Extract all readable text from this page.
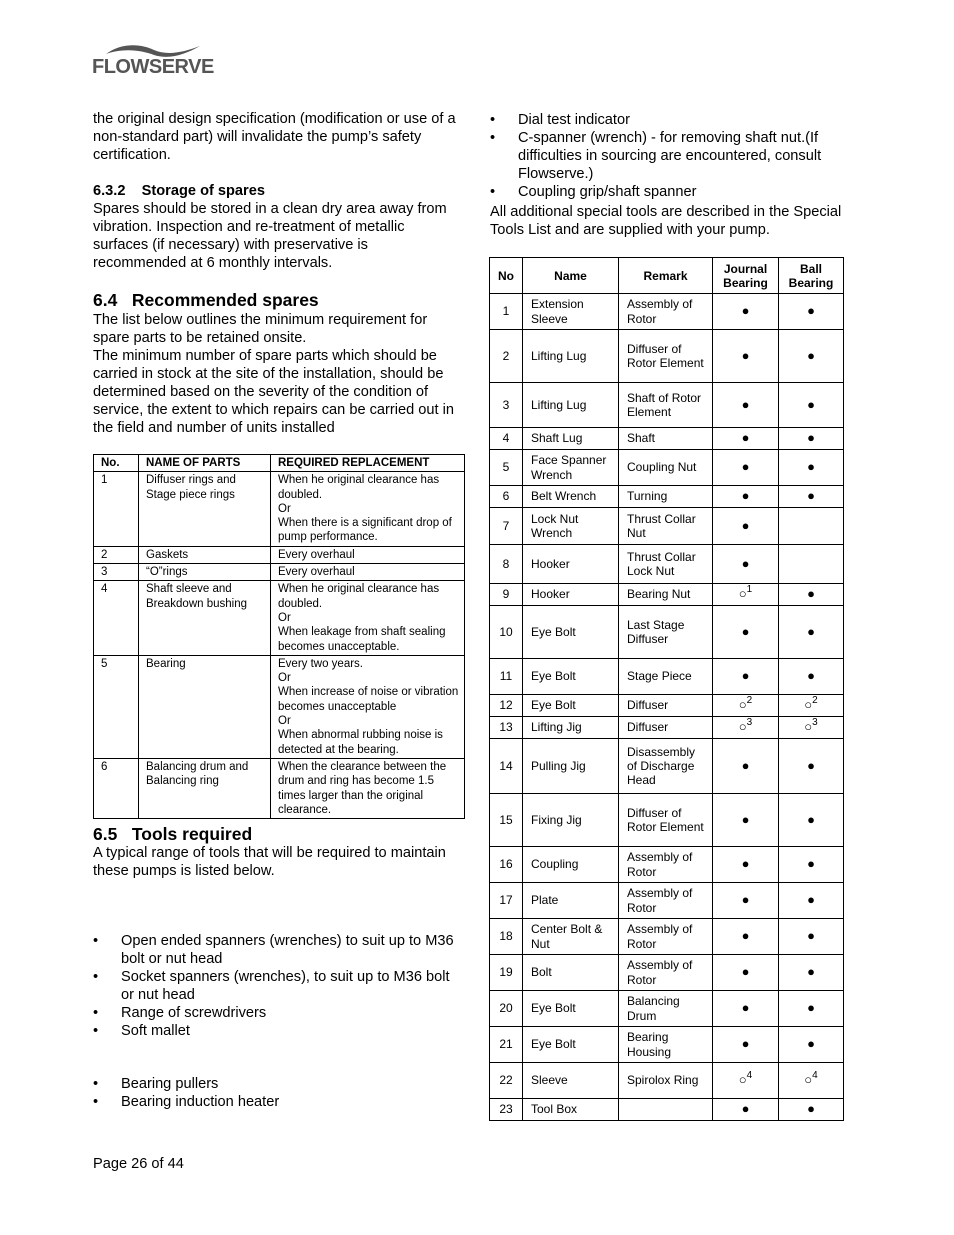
FLOWSERVE

the original design specification (modification or use of a non-standard part) will invalidate the pump’s safety certification.

6.3.2    Storage of spares

Spares should be stored in a clean dry area away from vibration. Inspection and re-treatment of metallic surfaces (if necessary) with preservative is recommended at 6 monthly intervals.

6.4   Recommended spares

The list below outlines the minimum requirement for spare parts to be retained onsite.

The minimum number of spare parts which should be carried in stock at the site of the installation, should be determined based on the severity of the condition of service, the extent to which repairs can be carried out in the field and number of units installed

No.	NAME OF PARTS	REQUIRED REPLACEMENT
1	Diffuser rings and Stage piece rings	When he original clearance has doubled.
Or
When there is a significant drop of pump performance.
2	Gaskets	Every overhaul
3	“O”rings	Every overhaul
4	Shaft sleeve and Breakdown bushing	When he original clearance has doubled.
Or
When leakage from shaft sealing becomes unacceptable.
5	Bearing	Every two years.
Or
When increase of noise or vibration becomes unacceptable
Or
When abnormal rubbing noise is detected at the bearing.
6	Balancing drum and Balancing ring	When the clearance between the drum and ring has become 1.5 times larger than the original clearance.
6.5   Tools required

A typical range of tools that will be required to maintain these pumps is listed below.

• Open ended spanners (wrenches) to suit up to M36 bolt or nut head
• Socket spanners (wrenches), to suit up to M36 bolt or nut head
• Range of screwdrivers
• Soft mallet
• Bearing pullers
• Bearing induction heater
Page 26 of 44
• Dial test indicator
• C-spanner (wrench) - for removing shaft nut.(If difficulties in sourcing are encountered, consult Flowserve.)
• Coupling grip/shaft spanner

All additional special tools are described in the Special Tools List and are supplied with your pump.

No	Name	Remark	Journal Bearing	Ball Bearing
1	Extension Sleeve	Assembly of Rotor	●	●
2	Lifting Lug	Diffuser of Rotor Element	●	●
3	Lifting Lug	Shaft of Rotor Element	●	●
4	Shaft Lug	Shaft	●	●
5	Face Spanner Wrench	Coupling Nut	●	●
6	Belt Wrench	Turning	●	●
7	Lock Nut Wrench	Thrust Collar Nut	●	
8	Hooker	Thrust Collar Lock Nut	●	
9	Hooker	Bearing Nut	○$^1$	●
10	Eye Bolt	Last Stage Diffuser	●	●
11	Eye Bolt	Stage Piece	●	●
12	Eye Bolt	Diffuser	○$^2$	○$^2$
13	Lifting Jig	Diffuser	○$^3$	○$^3$
14	Pulling Jig	Disassembly of Discharge Head	●	●
15	Fixing Jig	Diffuser of Rotor Element	●	●
16	Coupling	Assembly of Rotor	●	●
17	Plate	Assembly of Rotor	●	●
18	Center Bolt & Nut	Assembly of Rotor	●	●
19	Bolt	Assembly of Rotor	●	●
20	Eye Bolt	Balancing Drum	●	●
21	Eye Bolt	Bearing Housing	●	●
22	Sleeve	Spirolox Ring	○$^4$	○$^4$
23	Tool Box		●	●
